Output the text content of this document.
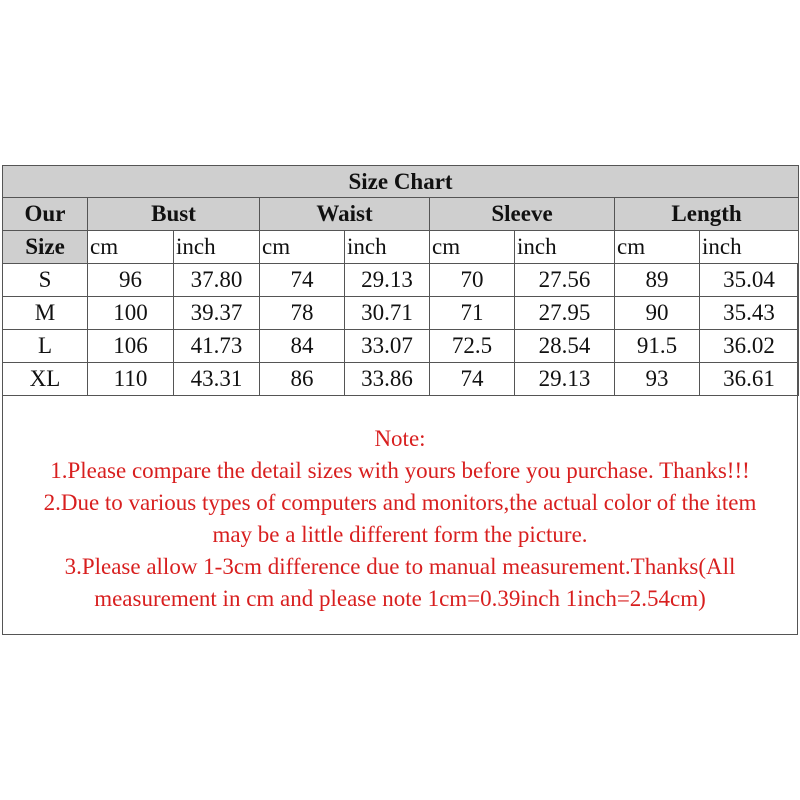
Size Chart								
Our	Bust		Waist		Sleeve		Length	
Size	cm	inch	cm	inch	cm	inch	cm	inch
S	96	37.80	74	29.13	70	27.56	89	35.04
M	100	39.37	78	30.71	71	27.95	90	35.43
L	106	41.73	84	33.07	72.5	28.54	91.5	36.02
XL	110	43.31	86	33.86	74	29.13	93	36.61
Note:
1.Please compare the detail sizes with yours before you purchase. Thanks!!!
2.Due to various types of computers and monitors,the actual color of the item
may be a little different form the picture.
3.Please allow 1-3cm difference due to manual measurement.Thanks(All
measurement in cm and please note 1cm=0.39inch 1inch=2.54cm)
